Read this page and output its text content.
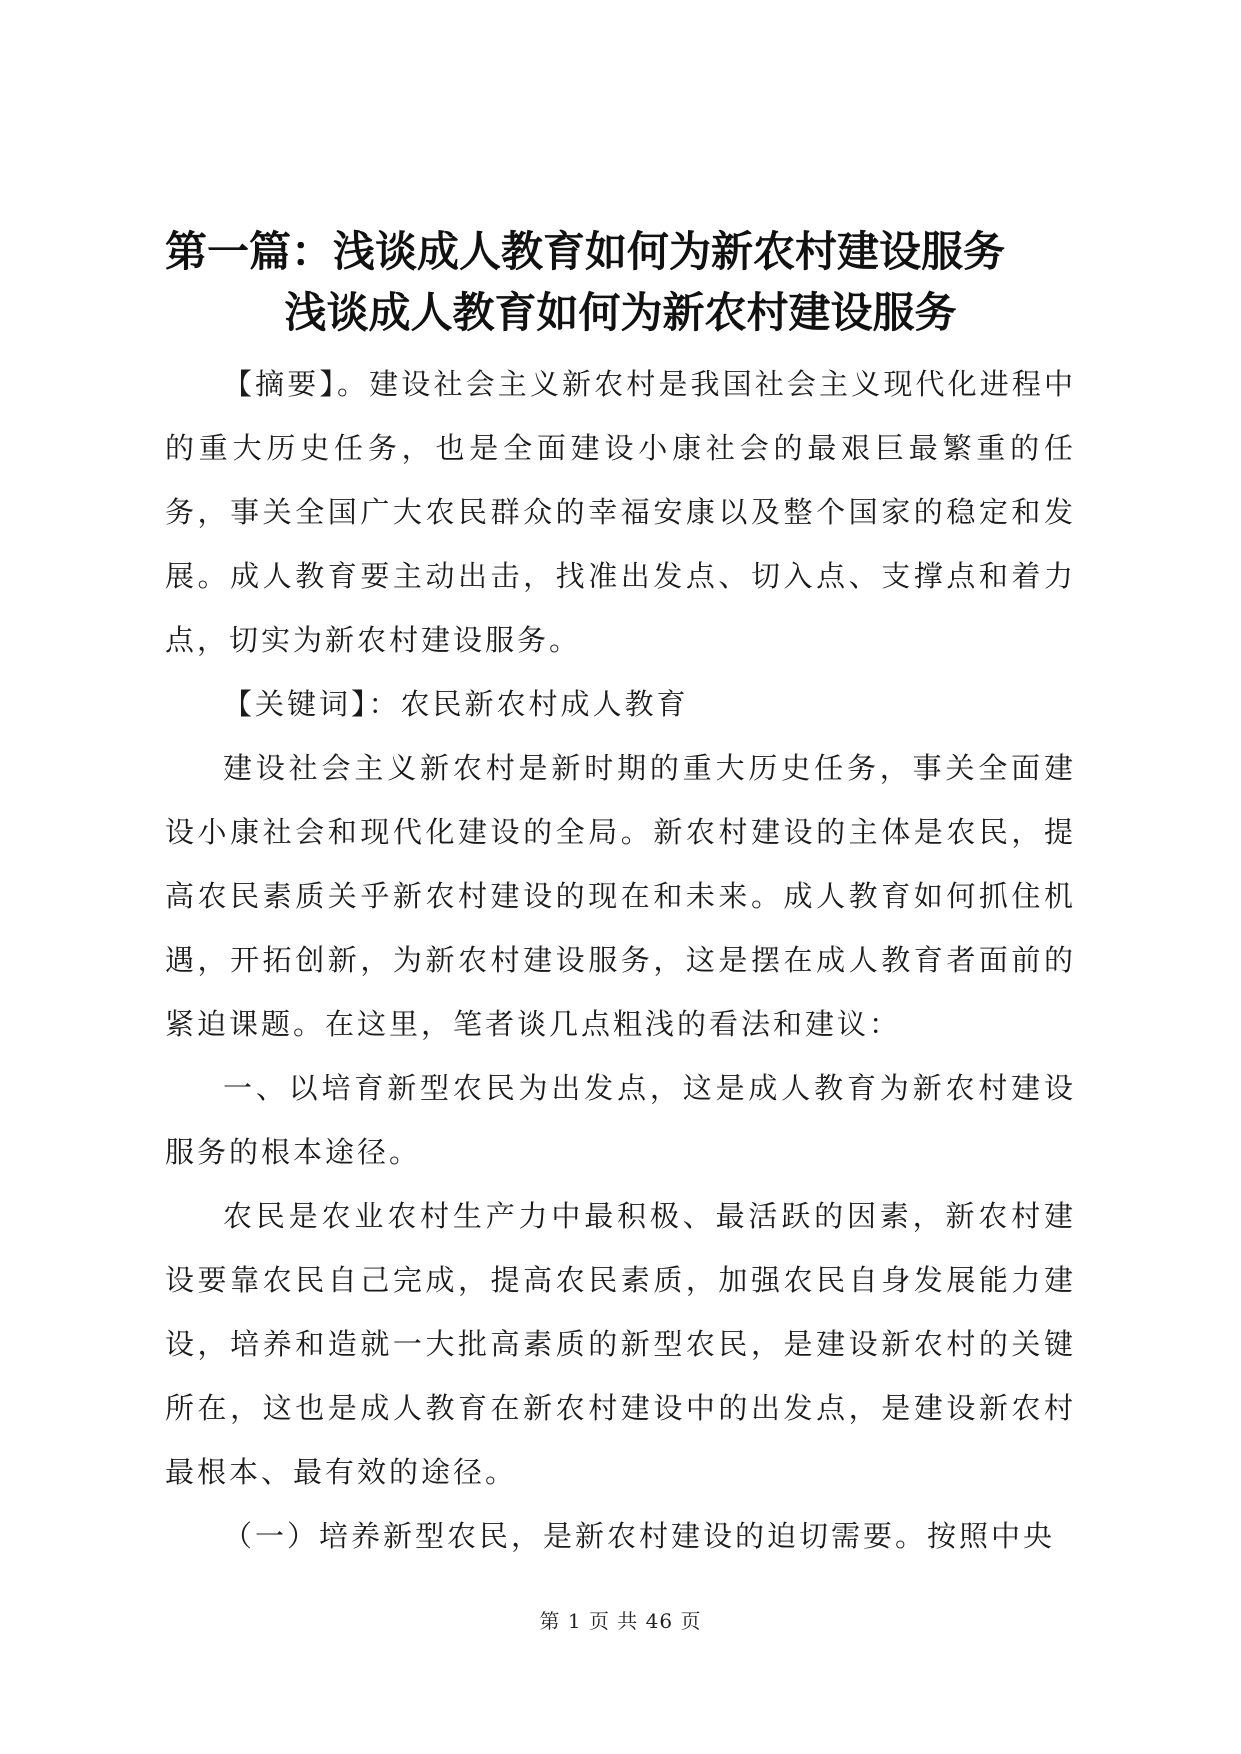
第一篇：浅谈成人教育如何为新农村建设服务
浅谈成人教育如何为新农村建设服务

【摘要】。建设社会主义新农村是我国社会主义现代化进程中的重大历史任务，也是全面建设小康社会的最艰巨最繁重的任务，事关全国广大农民群众的幸福安康以及整个国家的稳定和发展。成人教育要主动出击，找准出发点、切入点、支撑点和着力点，切实为新农村建设服务。

【关键词】：农民新农村成人教育

建设社会主义新农村是新时期的重大历史任务，事关全面建设小康社会和现代化建设的全局。新农村建设的主体是农民，提高农民素质关乎新农村建设的现在和未来。成人教育如何抓住机遇，开拓创新，为新农村建设服务，这是摆在成人教育者面前的紧迫课题。在这里，笔者谈几点粗浅的看法和建议：

一、以培育新型农民为出发点，这是成人教育为新农村建设服务的根本途径。

农民是农业农村生产力中最积极、最活跃的因素，新农村建设要靠农民自己完成，提高农民素质，加强农民自身发展能力建设，培养和造就一大批高素质的新型农民，是建设新农村的关键所在，这也是成人教育在新农村建设中的出发点，是建设新农村最根本、最有效的途径。

（一）培养新型农民，是新农村建设的迫切需要。按照中央

第 1 页 共 46 页
